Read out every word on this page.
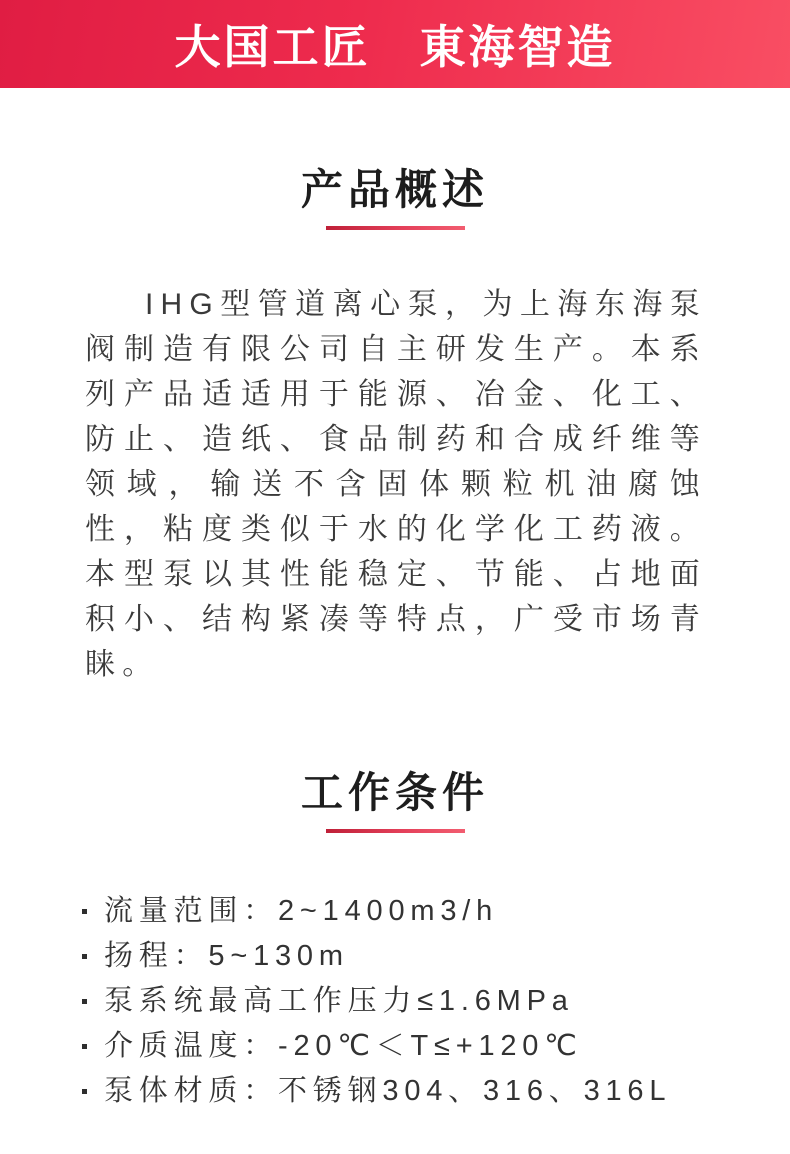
大国工匠　東海智造
产品概述

IHG型管道离心泵，为上海东海泵阀制造有限公司自主研发生产。本系列产品适适用于能源、冶金、化工、防止、造纸、食品制药和合成纤维等领域，输送不含固体颗粒机油腐蚀性，粘度类似于水的化学化工药液。本型泵以其性能稳定、节能、占地面积小、结构紧凑等特点，广受市场青睐。

工作条件
流量范围：2~1400m3/h
扬程：5~130m
泵系统最高工作压力≤1.6MPa
介质温度：-20℃＜T≤+120℃
泵体材质：不锈钢304、316、316L
